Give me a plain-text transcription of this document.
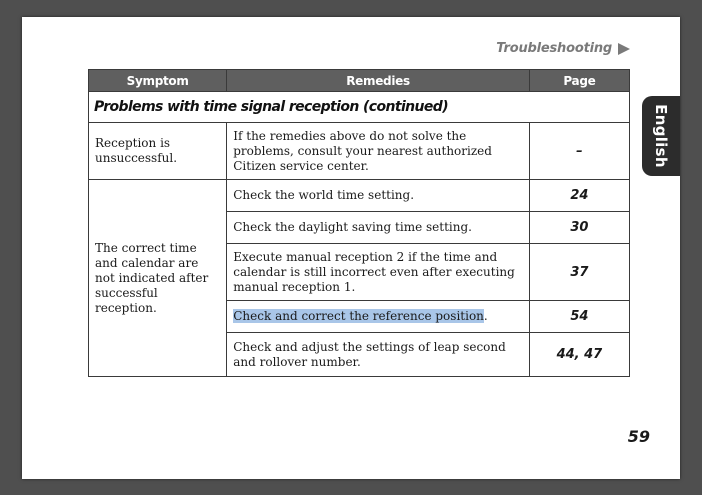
Troubleshooting
English
Symptom	Remedies	Page
Problems with time signal reception (continued)		
Reception is unsuccessful.	If the remedies above do not solve the problems, consult your nearest authorized Citizen service center.	–
The correct time and calendar are not indicated after successful reception.	Check the world time setting.	24
	Check the daylight saving time setting.	30
	Execute manual reception 2 if the time and calendar is still incorrect even after executing manual reception 1.	37
	Check and correct the reference position.	54
	Check and adjust the settings of leap second and rollover number.	44, 47
59
